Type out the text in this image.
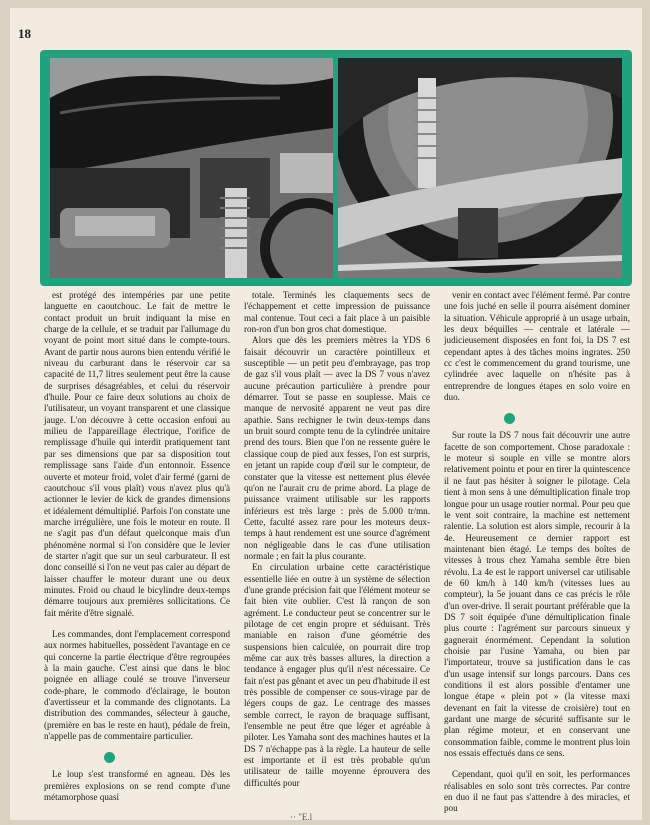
18

est protégé des intempéries par une petite languette en caoutchouc. Le fait de mettre le contact produit un bruit indiquant la mise en charge de la cellule, et se traduit par l'allumage du voyant de point mort situé dans le compte-tours. Avant de partir nous aurons bien entendu vérifié le niveau du carburant dans le réservoir car sa capacité de 11,7 litres seulement peut être la cause de surprises désagréables, et celui du réservoir d'huile. Pour ce faire deux solutions au choix de l'utilisateur, un voyant transparent et une classique jauge. L'on découvre à cette occasion enfoui au milieu de l'appareillage électrique, l'orifice de remplissage d'huile qui interdit pratiquement tant par ses dimensions que par sa disposition tout remplissage sans l'aide d'un entonnoir. Essence ouverte et moteur froid, volet d'air fermé (garni de caoutchouc s'il vous plaît) vous n'avez plus qu'à actionner le levier de kick de grandes dimensions et idéalement démultiplié. Parfois l'on constate une marche irrégulière, une fois le moteur en route. Il ne s'agit pas d'un défaut quelconque mais d'un phénomène normal si l'on considère que le levier de starter n'agit que sur un seul carburateur. Il est donc conseillé si l'on ne veut pas caler au départ de laisser chauffer le moteur durant une ou deux minutes. Froid ou chaud le bicylindre deux-temps démarre toujours aux premières sollicitations. Ce fait mérite d'être signalé.

Les commandes, dont l'emplacement correspond aux normes habituelles, possèdent l'avantage en ce qui concerne la partie électrique d'être regroupées à la main gauche. C'est ainsi que dans le bloc poignée en alliage coulé se trouve l'inverseur code-phare, le commodo d'éclairage, le bouton d'avertisseur et la commande des clignotants. La distribution des commandes, sélecteur à gauche, (première en bas le reste en haut), pédale de frein, n'appelle pas de commentaire particulier.

Le loup s'est transformé en agneau. Dès les premières explosions on se rend compte d'une métamorphose quasi

totale. Terminés les claquements secs de l'échappement et cette impression de puissance mal contenue. Tout ceci a fait place à un paisible ron-ron d'un bon gros chat domestique.

Alors que dès les premiers mètres la YDS 6 faisait découvrir un caractère pointilleux et susceptible — un petit peu d'embrayage, pas trop de gaz s'il vous plaît — avec la DS 7 vous n'avez aucune précaution particulière à prendre pour démarrer. Tout se passe en souplesse. Mais ce manque de nervosité apparent ne veut pas dire apathie. Sans rechigner le twin deux-temps dans un bruit sourd compte tenu de la cylindrée unitaire prend des tours. Bien que l'on ne ressente guère le classique coup de pied aux fesses, l'on est surpris, en jetant un rapide coup d'œil sur le compteur, de constater que la vitesse est nettement plus élevée qu'on ne l'aurait cru de prime abord. La plage de puissance vraiment utilisable sur les rapports inférieurs est très large : près de 5.000 tr/mn. Cette, faculté assez rare pour les moteurs deux-temps à haut rendement est une source d'agrément non négligeable dans le cas d'une utilisation normale ; en fait la plus courante.

En circulation urbaine cette caractéristique essentielle liée en outre à un système de sélection d'une grande précision fait que l'élément moteur se fait bien vite oublier. C'est là rançon de son agrément. Le conducteur peut se concentrer sur le pilotage de cet engin propre et séduisant. Très maniable en raison d'une géométrie des suspensions bien calculée, on pourrait dire trop même car aux très basses allures, la direction a tendance à engager plus qu'il n'est nécessaire. Ce fait n'est pas gênant et avec un peu d'habitude il est très possible de compenser ce sous-virage par de légers coups de gaz. Le centrage des masses semble correct, le rayon de braquage suffisant, l'ensemble ne peut être que léger et agréable à piloter. Les Yamaha sont des machines hautes et la DS 7 n'échappe pas à la règle. La hauteur de selle est importante et il est très probable qu'un utilisateur de taille moyenne éprouvera des difficultés pour

venir en contact avec l'élément fermé. Par contre une fois juché en selle il pourra aisément dominer la situation. Véhicule approprié à un usage urbain, les deux béquilles — centrale et latérale — judicieusement disposées en font foi, la DS 7 est cependant aptes à des tâches moins ingrates. 250 cc c'est le commencement du grand tourisme, une cylindrée avec laquelle on n'hésite pas à entreprendre de longues étapes en solo voire en duo.

Sur route la DS 7 nous fait découvrir une autre facette de son comportement. Chose paradoxale : le moteur si souple en ville se montre alors relativement pointu et pour en tirer la quintescence il ne faut pas hésiter à soigner le pilotage. Cela tient à mon sens à une démultiplication finale trop longue pour un usage routier normal. Pour peu que le vent soit contraire, la machine est nettement ralentie. La solution est alors simple, recourir à la 4e. Heureusement ce dernier rapport est maintenant bien étagé. Le temps des boîtes de vitesses à trous chez Yamaha semble être bien révolu. La 4e est le rapport universel car utilisable de 60 km/h à 140 km/h (vitesses lues au compteur), la 5e jouant dans ce cas précis le rôle d'un over-drive. Il serait pourtant préférable que la DS 7 soit équipée d'une démultiplication finale plus courte : l'agrément sur parcours sinueux y gagnerait énormément. Cependant la solution choisie par l'usine Yamaha, ou bien par l'importateur, trouve sa justification dans le cas d'un usage intensif sur longs parcours. Dans ces conditions il est alors possible d'entamer une longue étape « plein pot » (la vitesse maxi devenant en fait la vitesse de croisière) tout en gardant une marge de sécurité suffisante sur le plan régime moteur, et en conservant une consommation faible, comme le montrent plus loin nos essais effectués dans ce sens.

Cependant, quoi qu'il en soit, les performances réalisables en solo sont très correctes. Par contre en duo il ne faut pas s'attendre à des miracles, et pou

·· "E.l
